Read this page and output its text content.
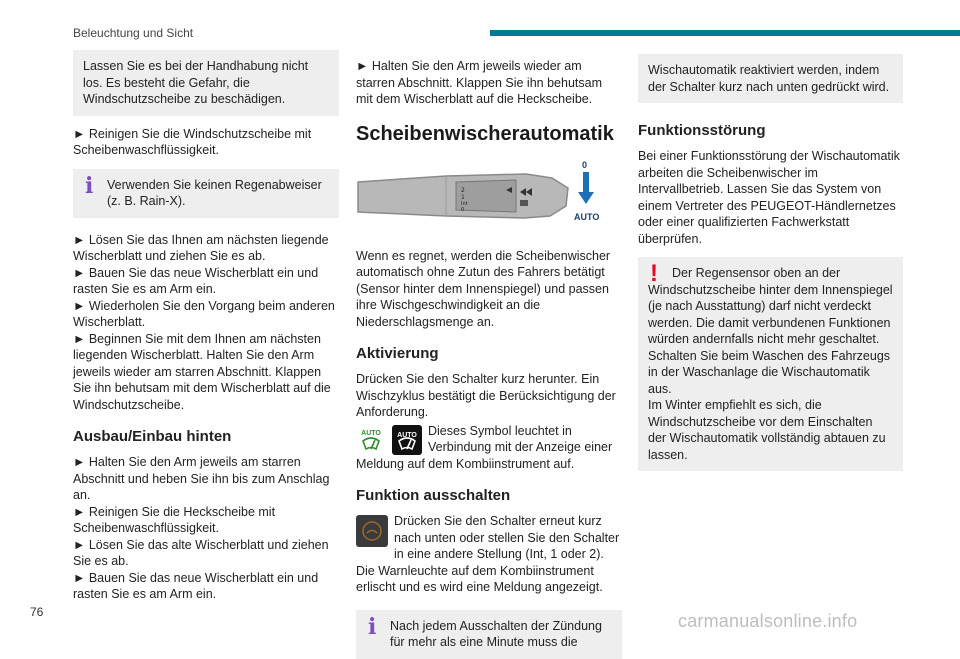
Beleuchtung und Sicht

Lassen Sie es bei der Handhabung nicht los. Es besteht die Gefahr, die Windschutzscheibe zu beschädigen.

► Reinigen Sie die Windschutzscheibe mit Scheibenwaschflüssigkeit.

i Verwenden Sie keinen Regenabweiser (z. B. Rain-X).

► Lösen Sie das Ihnen am nächsten liegende Wischerblatt und ziehen Sie es ab.

► Bauen Sie das neue Wischerblatt ein und rasten Sie es am Arm ein.

► Wiederholen Sie den Vorgang beim anderen Wischerblatt.

► Beginnen Sie mit dem Ihnen am nächsten liegenden Wischerblatt. Halten Sie den Arm jeweils wieder am starren Abschnitt. Klappen Sie ihn behutsam mit dem Wischerblatt auf die Windschutzscheibe.

Ausbau/Einbau hinten

► Halten Sie den Arm jeweils am starren Abschnitt und heben Sie ihn bis zum Anschlag an.

► Reinigen Sie die Heckscheibe mit Scheibenwaschflüssigkeit.

► Lösen Sie das alte Wischerblatt und ziehen Sie es ab.

► Bauen Sie das neue Wischerblatt ein und rasten Sie es am Arm ein.

► Halten Sie den Arm jeweils wieder am starren Abschnitt. Klappen Sie ihn behutsam mit dem Wischerblatt auf die Heckscheibe.

Scheibenwischerautomatik
2
1
Int
0
0
AUTO

Wenn es regnet, werden die Scheibenwischer automatisch ohne Zutun des Fahrers betätigt (Sensor hinter dem Innenspiegel) und passen ihre Wischgeschwindigkeit an die Niederschlagsmenge an.

Aktivierung

Drücken Sie den Schalter kurz herunter. Ein Wischzyklus bestätigt die Berücksichtigung der Anforderung.

AUTO	AUTO Dieses Symbol leuchtet in Verbindung mit der Anzeige einer Meldung auf dem Kombiinstrument auf.

Funktion ausschalten

Drücken Sie den Schalter erneut kurz nach unten oder stellen Sie den Schalter in eine andere Stellung (Int, 1 oder 2).

Die Warnleuchte auf dem Kombiinstrument erlischt und es wird eine Meldung angezeigt.

i Nach jedem Ausschalten der Zündung für mehr als eine Minute muss die

Wischautomatik reaktiviert werden, indem der Schalter kurz nach unten gedrückt wird.

Funktionsstörung

Bei einer Funktionsstörung der Wischautomatik arbeiten die Scheibenwischer im Intervallbetrieb. Lassen Sie das System von einem Vertreter des PEUGEOT-Händlernetzes oder einer qualifizierten Fachwerkstatt überprüfen.

!	Der Regensensor oben an der Windschutzscheibe hinter dem Innenspiegel (je nach Ausstattung) darf nicht verdeckt werden. Die damit verbundenen Funktionen würden andernfalls nicht mehr geschaltet.

Schalten Sie beim Waschen des Fahrzeugs in der Waschanlage die Wischautomatik aus.

Im Winter empfiehlt es sich, die Windschutzscheibe vor dem Einschalten der Wischautomatik vollständig abtauen zu lassen.

76	carmanualsonline.info
